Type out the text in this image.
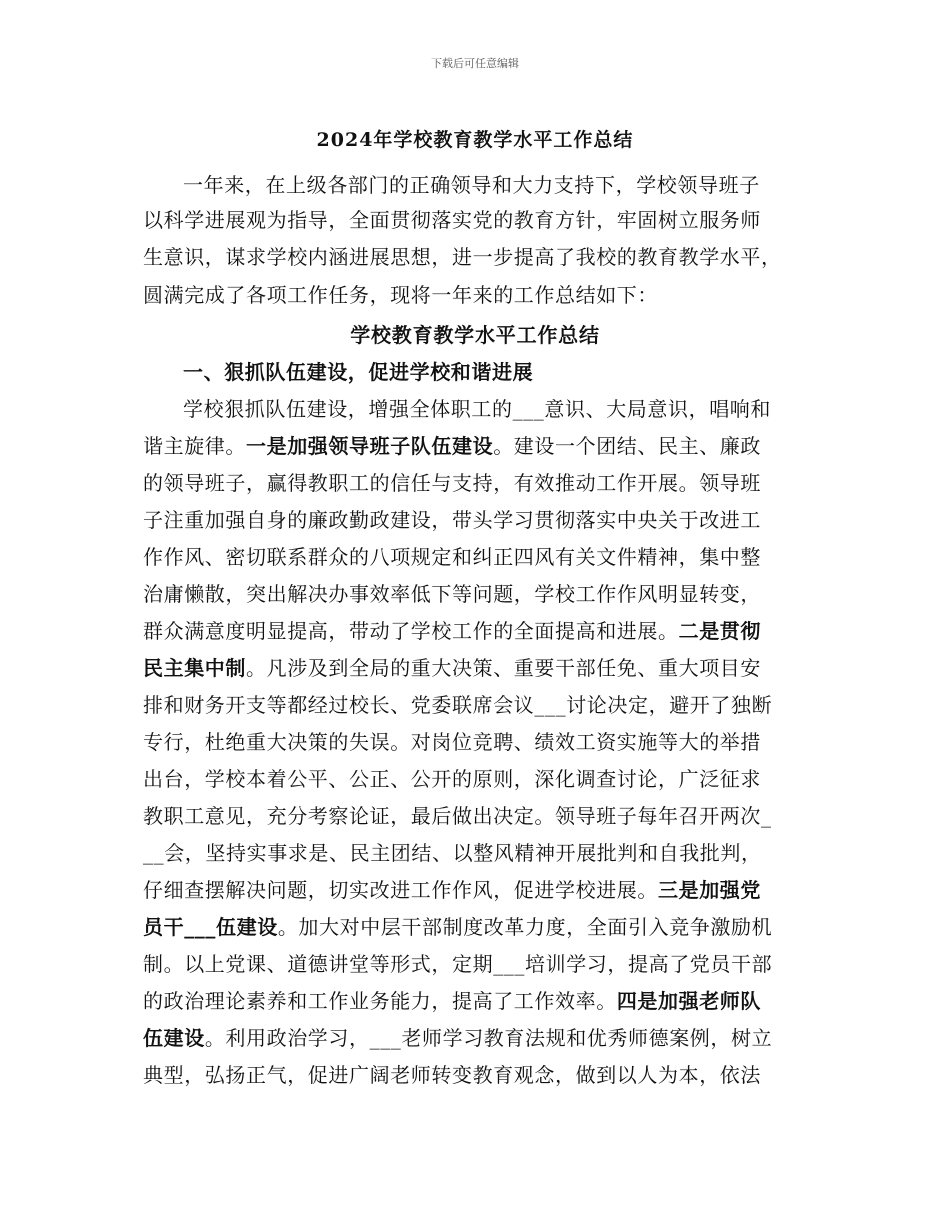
下载后可任意编辑
2024年学校教育教学水平工作总结
一年来，在上级各部门的正确领导和大力支持下，学校领导班子
以科学进展观为指导，全面贯彻落实党的教育方针，牢固树立服务师
生意识，谋求学校内涵进展思想，进一步提高了我校的教育教学水平，
圆满完成了各项工作任务，现将一年来的工作总结如下：
学校教育教学水平工作总结
一、狠抓队伍建设，促进学校和谐进展
学校狠抓队伍建设，增强全体职工的___意识、大局意识，唱响和
谐主旋律。一是加强领导班子队伍建设。建设一个团结、民主、廉政
的领导班子，赢得教职工的信任与支持，有效推动工作开展。领导班
子注重加强自身的廉政勤政建设，带头学习贯彻落实中央关于改进工
作作风、密切联系群众的八项规定和纠正四风有关文件精神，集中整
治庸懒散，突出解决办事效率低下等问题，学校工作作风明显转变，
群众满意度明显提高，带动了学校工作的全面提高和进展。二是贯彻
民主集中制。凡涉及到全局的重大决策、重要干部任免、重大项目安
排和财务开支等都经过校长、党委联席会议___讨论决定，避开了独断
专行，杜绝重大决策的失误。对岗位竞聘、绩效工资实施等大的举措
出台，学校本着公平、公正、公开的原则，深化调查讨论，广泛征求
教职工意见，充分考察论证，最后做出决定。领导班子每年召开两次_
__会，坚持实事求是、民主团结、以整风精神开展批判和自我批判，
仔细查摆解决问题，切实改进工作作风，促进学校进展。三是加强党
员干___伍建设。加大对中层干部制度改革力度，全面引入竞争激励机
制。以上党课、道德讲堂等形式，定期___培训学习，提高了党员干部
的政治理论素养和工作业务能力，提高了工作效率。四是加强老师队
伍建设。利用政治学习，___老师学习教育法规和优秀师德案例，树立
典型，弘扬正气，促进广阔老师转变教育观念，做到以人为本，依法
